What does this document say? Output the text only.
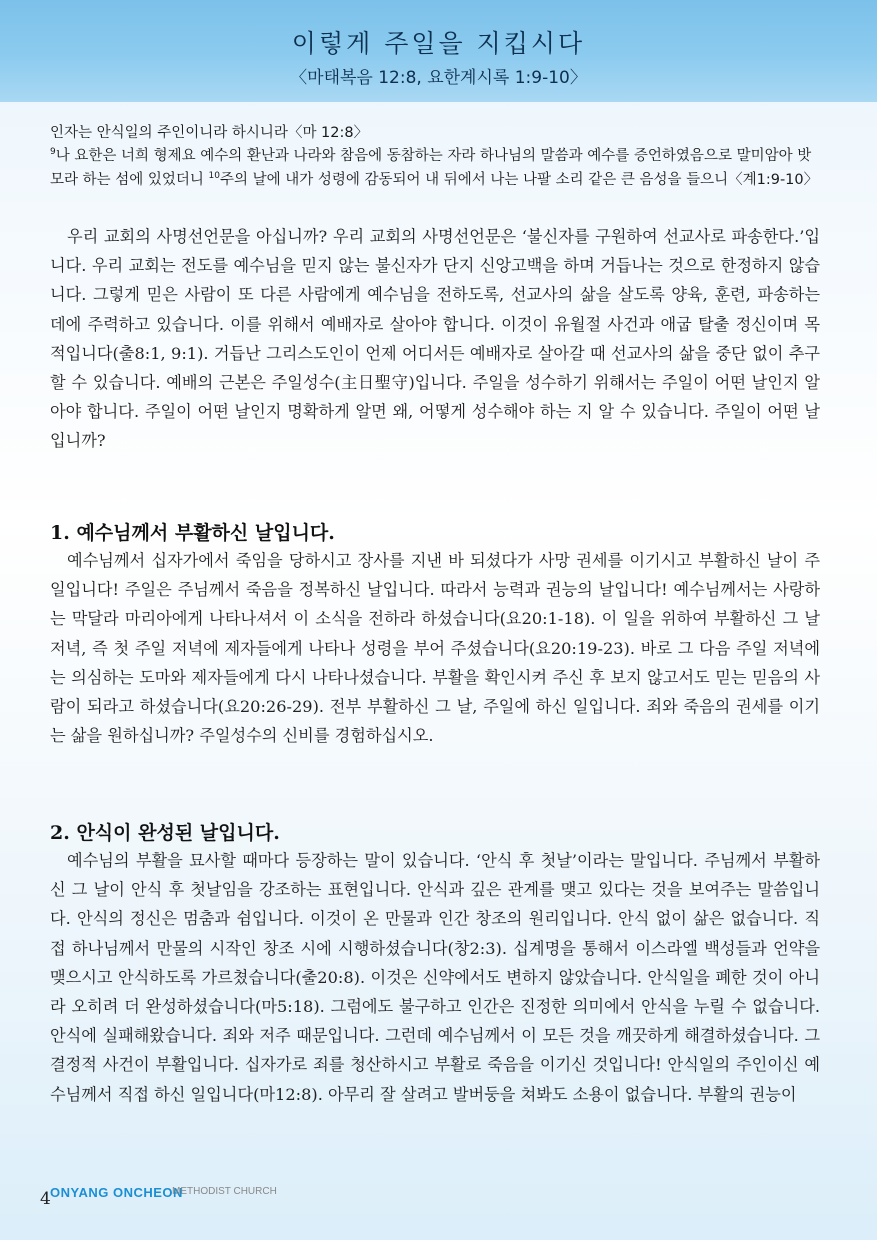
이렇게 주일을 지킵시다
〈마태복음 12:8, 요한계시록 1:9-10〉
인자는 안식일의 주인이니라 하시니라〈마 12:8〉
$^9$나 요한은 너희 형제요 예수의 환난과 나라와 참음에 동참하는 자라 하나님의 말씀과 예수를 증언하였음으로 말미암아 밧모라 하는 섬에 있었더니 $^{10}$주의 날에 내가 성령에 감동되어 내 뒤에서 나는 나팔 소리 같은 큰 음성을 들으니〈계1:9-10〉

우리 교회의 사명선언문을 아십니까? 우리 교회의 사명선언문은 ‘불신자를 구원하여 선교사로 파송한다.’입니다. 우리 교회는 전도를 예수님을 믿지 않는 불신자가 단지 신앙고백을 하며 거듭나는 것으로 한정하지 않습니다. 그렇게 믿은 사람이 또 다른 사람에게 예수님을 전하도록, 선교사의 삶을 살도록 양육, 훈련, 파송하는 데에 주력하고 있습니다. 이를 위해서 예배자로 살아야 합니다. 이것이 유월절 사건과 애굽 탈출 정신이며 목적입니다(출8:1, 9:1). 거듭난 그리스도인이 언제 어디서든 예배자로 살아갈 때 선교사의 삶을 중단 없이 추구할 수 있습니다. 예배의 근본은 주일성수(主日聖守)입니다. 주일을 성수하기 위해서는 주일이 어떤 날인지 알아야 합니다. 주일이 어떤 날인지 명확하게 알면 왜, 어떻게 성수해야 하는 지 알 수 있습니다. 주일이 어떤 날입니까?

1. 예수님께서 부활하신 날입니다.

예수님께서 십자가에서 죽임을 당하시고 장사를 지낸 바 되셨다가 사망 권세를 이기시고 부활하신 날이 주일입니다! 주일은 주님께서 죽음을 정복하신 날입니다. 따라서 능력과 권능의 날입니다! 예수님께서는 사랑하는 막달라 마리아에게 나타나셔서 이 소식을 전하라 하셨습니다(요20:1-18). 이 일을 위하여 부활하신 그 날 저녁, 즉 첫 주일 저녁에 제자들에게 나타나 성령을 부어 주셨습니다(요20:19-23). 바로 그 다음 주일 저녁에는 의심하는 도마와 제자들에게 다시 나타나셨습니다. 부활을 확인시켜 주신 후 보지 않고서도 믿는 믿음의 사람이 되라고 하셨습니다(요20:26-29). 전부 부활하신 그 날, 주일에 하신 일입니다. 죄와 죽음의 권세를 이기는 삶을 원하십니까? 주일성수의 신비를 경험하십시오.

2. 안식이 완성된 날입니다.

예수님의 부활을 묘사할 때마다 등장하는 말이 있습니다. ‘안식 후 첫날’이라는 말입니다. 주님께서 부활하신 그 날이 안식 후 첫날임을 강조하는 표현입니다. 안식과 깊은 관계를 맺고 있다는 것을 보여주는 말씀입니다. 안식의 정신은 멈춤과 쉼입니다. 이것이 온 만물과 인간 창조의 원리입니다. 안식 없이 삶은 없습니다. 직접 하나님께서 만물의 시작인 창조 시에 시행하셨습니다(창2:3). 십계명을 통해서 이스라엘 백성들과 언약을 맺으시고 안식하도록 가르쳤습니다(출20:8). 이것은 신약에서도 변하지 않았습니다. 안식일을 폐한 것이 아니라 오히려 더 완성하셨습니다(마5:18). 그럼에도 불구하고 인간은 진정한 의미에서 안식을 누릴 수 없습니다. 안식에 실패해왔습니다. 죄와 저주 때문입니다. 그런데 예수님께서 이 모든 것을 깨끗하게 해결하셨습니다. 그 결정적 사건이 부활입니다. 십자가로 죄를 청산하시고 부활로 죽음을 이기신 것입니다! 안식일의 주인이신 예수님께서 직접 하신 일입니다(마12:8). 아무리 잘 살려고 발버둥을 쳐봐도 소용이 없습니다. 부활의 권능이

4 ONYANG ONCHEON
METHODIST CHURCH
